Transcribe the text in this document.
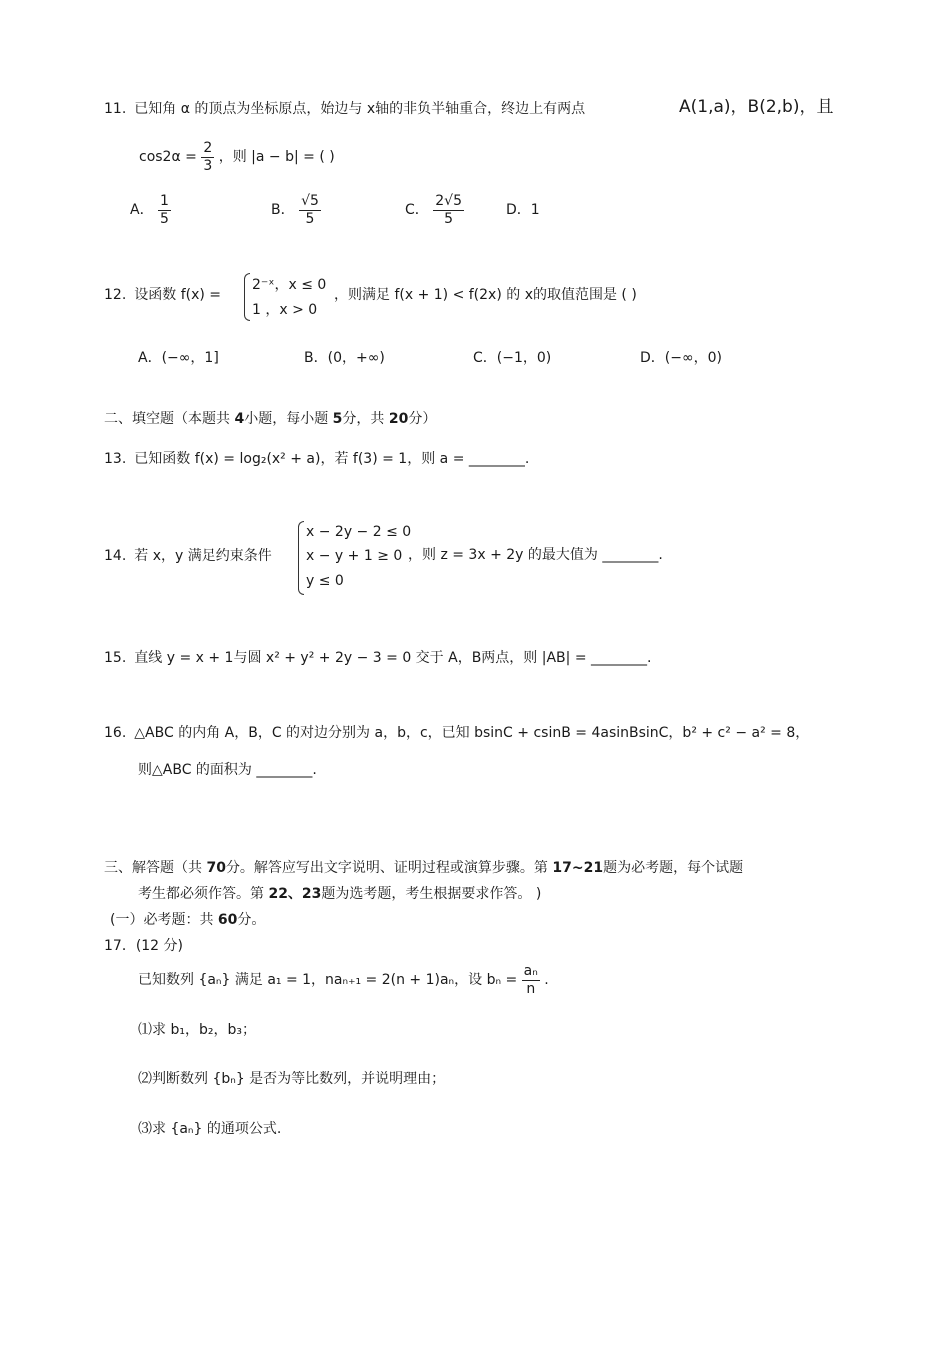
11. 已知角 α 的顶点为坐标原点，始边与 x轴的非负半轴重合，终边上有两点	A(1,a)，B(2,b)，且
$\cos 2\alpha = \frac{2}{3}$ ，则 |a − b| = ( )
A． $\frac{1}{5}$	B． $\frac{√5}{5}$	C． $\frac{2√5}{5}$	D．1
12. 设函数 f(x) =
2⁻ˣ，x ≤ 0
1 ，x > 0
，则满足 f(x + 1) < f(2x) 的 x的取值范围是 ( )
A．(−∞，1]	B．(0，+∞)	C．(−1，0)	D．(−∞，0)
二、填空题（本题共 4小题，每小题 5分，共 20分）
13. 已知函数 f(x) = log₂(x² + a)，若 f(3) = 1，则 a = ________.
14. 若 x，y 满足约束条件
x − 2y − 2 ≤ 0
x − y + 1 ≥ 0
y ≤ 0
，则 z = 3x + 2y 的最大值为 ________.
15. 直线 y = x + 1与圆 x² + y² + 2y − 3 = 0 交于 A，B两点，则 |AB| = ________.
16. △ABC 的内角 A，B，C 的对边分别为 a，b，c，已知 bsinC + csinB = 4asinBsinC，b² + c² − a² = 8，
则△ABC 的面积为 ________.
三、解答题（共 70分。解答应写出文字说明、证明过程或演算步骤。第 17~21题为必考题，每个试题
考生都必须作答。第 22、23题为选考题，考生根据要求作答。 )
(一）必考题：共 60分。
17．(12 分)
已知数列 {aₙ} 满足 a₁ = 1，naₙ₊₁ = 2(n + 1)aₙ，设 $b_n = \frac{\text{aₙ}}{n}$ .
⑴求 b₁，b₂，b₃；
⑵判断数列 {bₙ} 是否为等比数列，并说明理由；
⑶求 {aₙ} 的通项公式.
